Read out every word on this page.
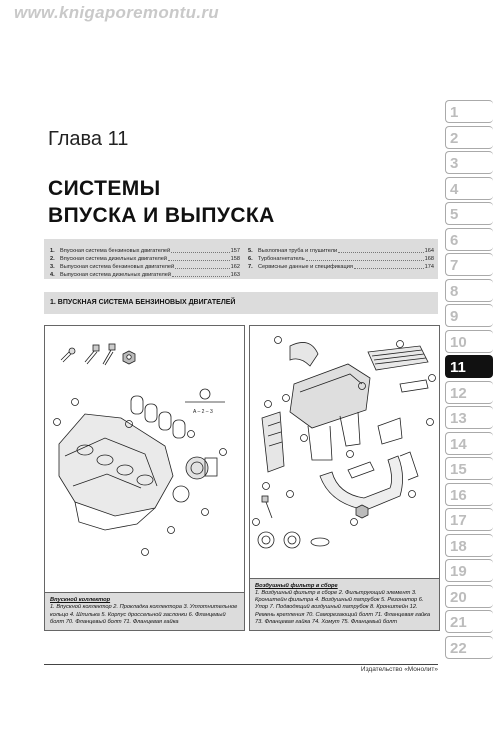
www.knigaporemontu.ru
Глава 11
СИСТЕМЫ
ВПУСКА И ВЫПУСКА
1. Впускная система бензиновых двигателей	157
2. Впускная система дизельных двигателей	158
3. Выпускная система бензиновых двигателей	162
4. Выпускная система дизельных двигателей	163
5. Выхлопная труба и глушители	164
6. Турбонагнетатель	168
7. Сервисные данные и спецификация	174
1. ВПУСКНАЯ СИСТЕМА БЕНЗИНОВЫХ ДВИГАТЕЛЕЙ
A – 2 – 3
Впускной коллектор
1. Впускной коллектор 2. Прокладка коллектора 3. Уплотнительное кольцо 4. Шпилька 5. Корпус дроссельной заслонки 6. Фланцевый болт 70. Фланцевый болт 71. Фланцевая гайка
Воздушный фильтр в сборе
1. Воздушный фильтр в сборе 2. Фильтрующий элемент 3. Кронштейн фильтра 4. Воздушный патрубок 5. Резонатор 6. Упор 7. Подводящий воздушный патрубок 8. Кронштейн 12. Ремень крепления 70. Саморезающий болт 71. Фланцевая гайка 73. Фланцевая гайка 74. Хомут 75. Фланцевый болт
1
2
3
4
5
6
7
8
9
10
11
12
13
14
15
16
17
18
19
20
21
22
Издательство «Монолит»
